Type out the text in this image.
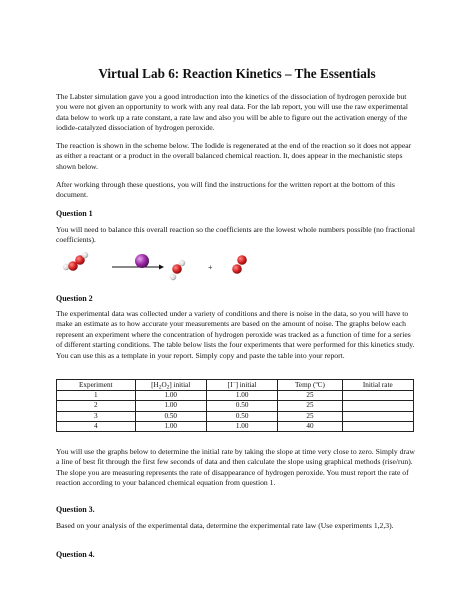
Virtual Lab 6: Reaction Kinetics – The Essentials

The Labster simulation gave you a good introduction into the kinetics of the dissociation of hydrogen peroxide but you were not given an opportunity to work with any real data. For the lab report, you will use the raw experimental data below to work up a rate constant, a rate law and also you will be able to figure out the activation energy of the iodide-catalyzed dissociation of hydrogen peroxide.

The reaction is shown in the scheme below. The Iodide is regenerated at the end of the reaction so it does not appear as either a reactant or a product in the overall balanced chemical reaction. It, does appear in the mechanistic steps shown below.

After working through these questions, you will find the instructions for the written report at the bottom of this document.

Question 1

You will need to balance this overall reaction so the coefficients are the lowest whole numbers possible (no fractional coefficients).

+

Question 2

The experimental data was collected under a variety of conditions and there is noise in the data, so you will have to make an estimate as to how accurate your measurements are based on the amount of noise. The graphs below each represent an experiment where the concentration of hydrogen peroxide was tracked as a function of time for a series of different starting conditions. The table below lists the four experiments that were performed for this kinetics study. You can use this as a template in your report. Simply copy and paste the table into your report.

Experiment	$[H_2O_2]$ initial	[I−] initial	Temp (ºC)	Initial rate
1	1.00	1.00	25	
2	1.00	0.50	25	
3	0.50	0.50	25	
4	1.00	1.00	40	

You will use the graphs below to determine the initial rate by taking the slope at time very close to zero. Simply draw a line of best fit through the first few seconds of data and then calculate the slope using graphical methods (rise/run). The slope you are measuring represents the rate of disappearance of hydrogen peroxide. You must report the rate of reaction according to your balanced chemical equation from question 1.

Question 3.

Based on your analysis of the experimental data, determine the experimental rate law (Use experiments 1,2,3).

Question 4.
